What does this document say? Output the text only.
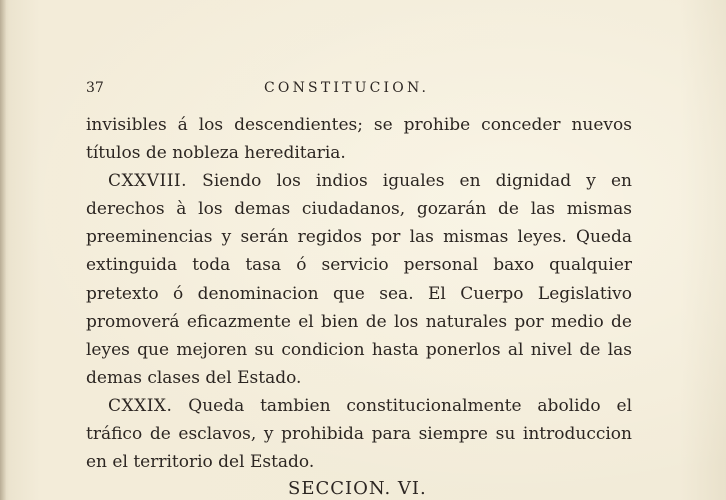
37	CONSTITUCION.

invisibles á los descendientes; se prohibe conceder nuevos títulos de nobleza hereditaria.

CXXVIII. Siendo los indios iguales en dignidad y en derechos à los demas ciudadanos, gozarán de las mismas preeminencias y serán regidos por las mismas leyes. Queda extinguida toda tasa ó servicio personal baxo qualquier pretexto ó denominacion que sea. El Cuerpo Legislativo promoverá eficazmente el bien de los naturales por medio de leyes que mejoren su condicion hasta ponerlos al nivel de las demas clases del Estado.

CXXIX. Queda tambien constitucionalmente abolido el tráfico de esclavos, y prohibida para siempre su introduccion en el territorio del Estado.

SECCION. VI.
